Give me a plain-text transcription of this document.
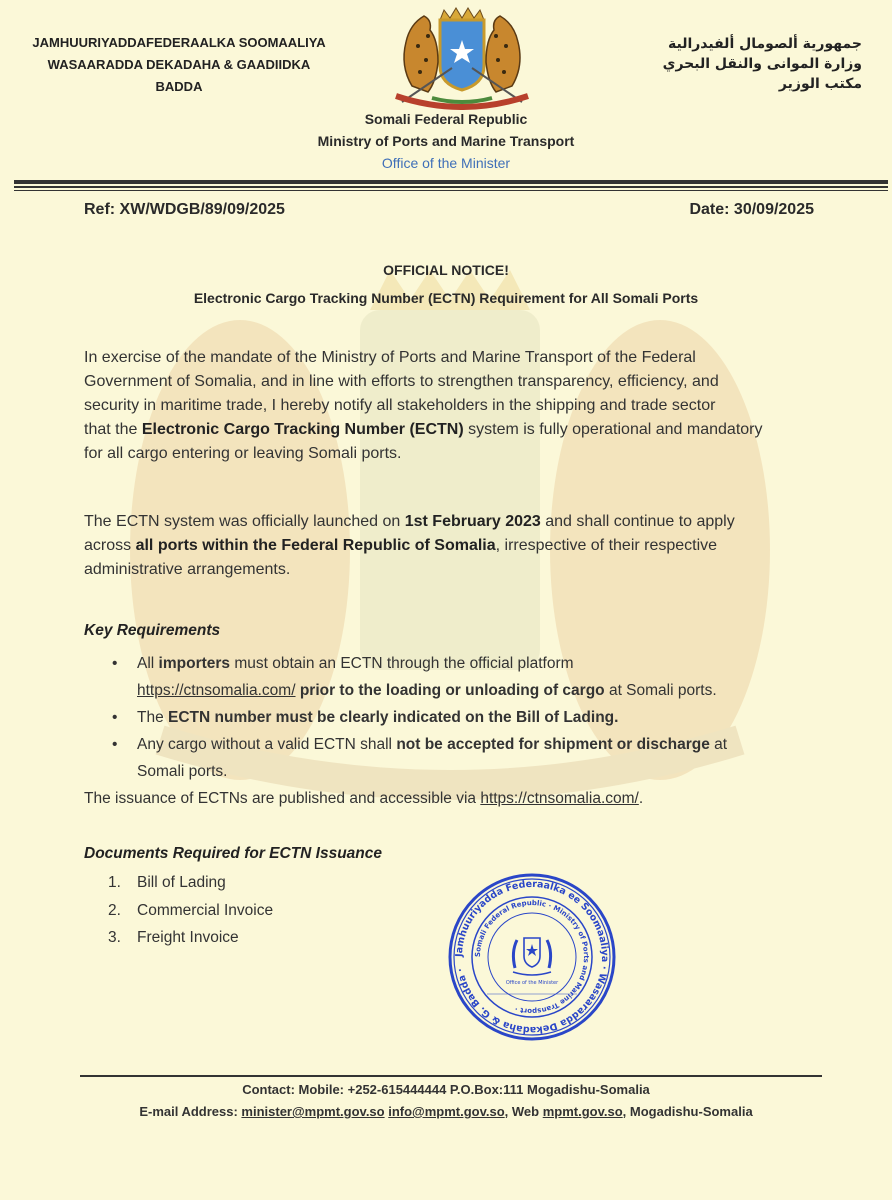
JAMHUURIYADDAFEDERAALKA SOOMAALIYA
WASAARADDA DEKADAHA & GAADIIDKA
BADDA
جمهورية ألصومال ألفيدرالية
وزارة الموانى والنقل البحري
مكتب الوزير
Somali Federal Republic
Ministry of Ports and Marine Transport
Office of the Minister
Ref: XW/WDGB/89/09/2025	Date: 30/09/2025
OFFICIAL NOTICE!
Electronic Cargo Tracking Number (ECTN) Requirement for All Somali Ports
In exercise of the mandate of the Ministry of Ports and Marine Transport of the Federal
Government of Somalia, and in line with efforts to strengthen transparency, efficiency, and
security in maritime trade, I hereby notify all stakeholders in the shipping and trade sector
that the Electronic Cargo Tracking Number (ECTN) system is fully operational and mandatory
for all cargo entering or leaving Somali ports.
The ECTN system was officially launched on 1st February 2023 and shall continue to apply
across all ports within the Federal Republic of Somalia, irrespective of their respective
administrative arrangements.
Key Requirements
• All importers must obtain an ECTN through the official platform
https://ctnsomalia.com/ prior to the loading or unloading of cargo at Somali ports.
• The ECTN number must be clearly indicated on the Bill of Lading.
• Any cargo without a valid ECTN shall not be accepted for shipment or discharge at
Somali ports.
The issuance of ECTNs are published and accessible via https://ctnsomalia.com/.
Documents Required for ECTN Issuance
1. Bill of Lading
2. Commercial Invoice
3. Freight Invoice
Jamhuuriyadda Federaalka ee Soomaaliya · Wasaaradda Dekadaha & G. Badda ·
Somali Federal Republic · Ministry of Ports and Marine Transport ·
Office of the Minister
Contact: Mobile: +252-615444444 P.O.Box:111 Mogadishu-Somalia
E-mail Address: minister@mpmt.gov.so info@mpmt.gov.so, Web mpmt.gov.so, Mogadishu-Somalia
